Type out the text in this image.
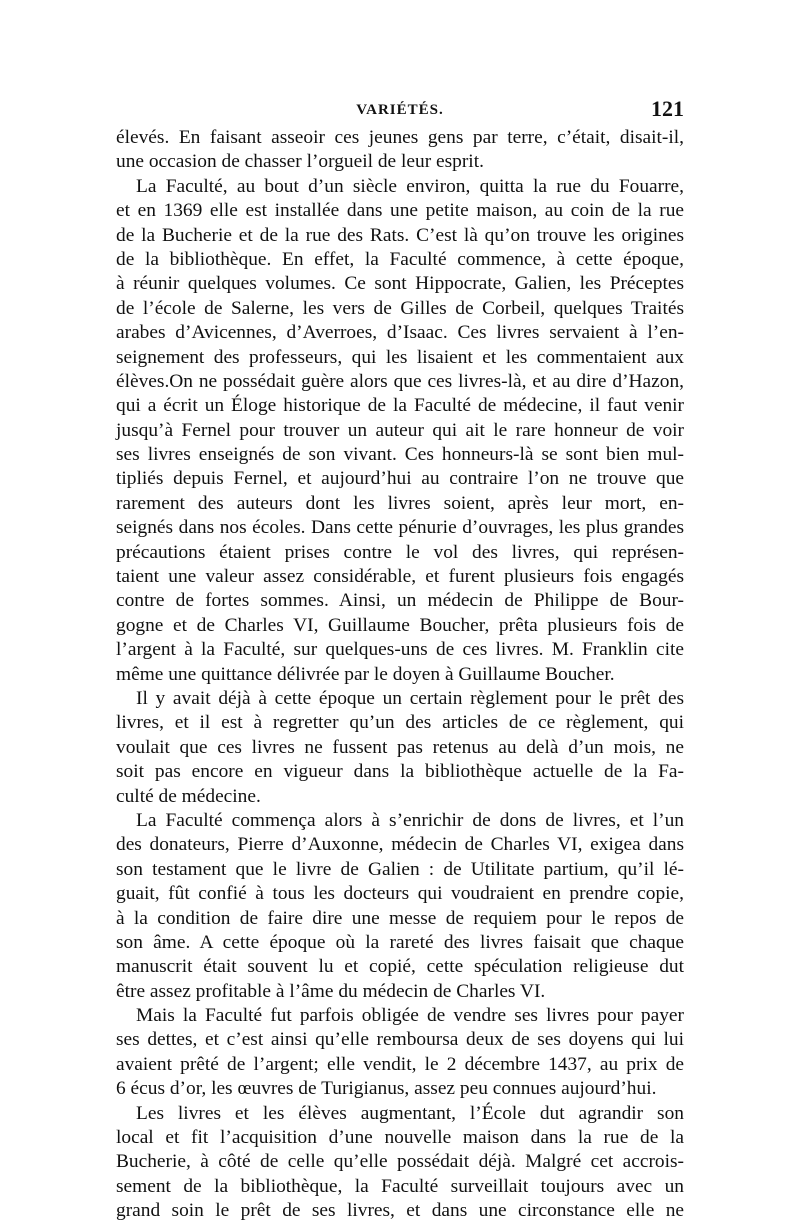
VARIÉTÉS.	121
élevés. En faisant asseoir ces jeunes gens par terre, c’était, disait-il,
une occasion de chasser l’orgueil de leur esprit.
La Faculté, au bout d’un siècle environ, quitta la rue du Fouarre,
et en 1369 elle est installée dans une petite maison, au coin de la rue
de la Bucherie et de la rue des Rats. C’est là qu’on trouve les origines
de la bibliothèque. En effet, la Faculté commence, à cette époque,
à réunir quelques volumes. Ce sont Hippocrate, Galien, les Préceptes
de l’école de Salerne, les vers de Gilles de Corbeil, quelques Traités
arabes d’Avicennes, d’Averroes, d’Isaac. Ces livres servaient à l’en-
seignement des professeurs, qui les lisaient et les commentaient aux
élèves.On ne possédait guère alors que ces livres-là, et au dire d’Hazon,
qui a écrit un Éloge historique de la Faculté de médecine, il faut venir
jusqu’à Fernel pour trouver un auteur qui ait le rare honneur de voir
ses livres enseignés de son vivant. Ces honneurs-là se sont bien mul-
tipliés depuis Fernel, et aujourd’hui au contraire l’on ne trouve que
rarement des auteurs dont les livres soient, après leur mort, en-
seignés dans nos écoles. Dans cette pénurie d’ouvrages, les plus grandes
précautions étaient prises contre le vol des livres, qui représen-
taient une valeur assez considérable, et furent plusieurs fois engagés
contre de fortes sommes. Ainsi, un médecin de Philippe de Bour-
gogne et de Charles VI, Guillaume Boucher, prêta plusieurs fois de
l’argent à la Faculté, sur quelques-uns de ces livres. M. Franklin cite
même une quittance délivrée par le doyen à Guillaume Boucher.
Il y avait déjà à cette époque un certain règlement pour le prêt des
livres, et il est à regretter qu’un des articles de ce règlement, qui
voulait que ces livres ne fussent pas retenus au delà d’un mois, ne
soit pas encore en vigueur dans la bibliothèque actuelle de la Fa-
culté de médecine.
La Faculté commença alors à s’enrichir de dons de livres, et l’un
des donateurs, Pierre d’Auxonne, médecin de Charles VI, exigea dans
son testament que le livre de Galien : de Utilitate partium, qu’il lé-
guait, fût confié à tous les docteurs qui voudraient en prendre copie,
à la condition de faire dire une messe de requiem pour le repos de
son âme. A cette époque où la rareté des livres faisait que chaque
manuscrit était souvent lu et copié, cette spéculation religieuse dut
être assez profitable à l’âme du médecin de Charles VI.
Mais la Faculté fut parfois obligée de vendre ses livres pour payer
ses dettes, et c’est ainsi qu’elle remboursa deux de ses doyens qui lui
avaient prêté de l’argent; elle vendit, le 2 décembre 1437, au prix de
6 écus d’or, les œuvres de Turigianus, assez peu connues aujourd’hui.
Les livres et les élèves augmentant, l’École dut agrandir son
local et fit l’acquisition d’une nouvelle maison dans la rue de la
Bucherie, à côté de celle qu’elle possédait déjà. Malgré cet accrois-
sement de la bibliothèque, la Faculté surveillait toujours avec un
grand soin le prêt de ses livres, et dans une circonstance elle ne
